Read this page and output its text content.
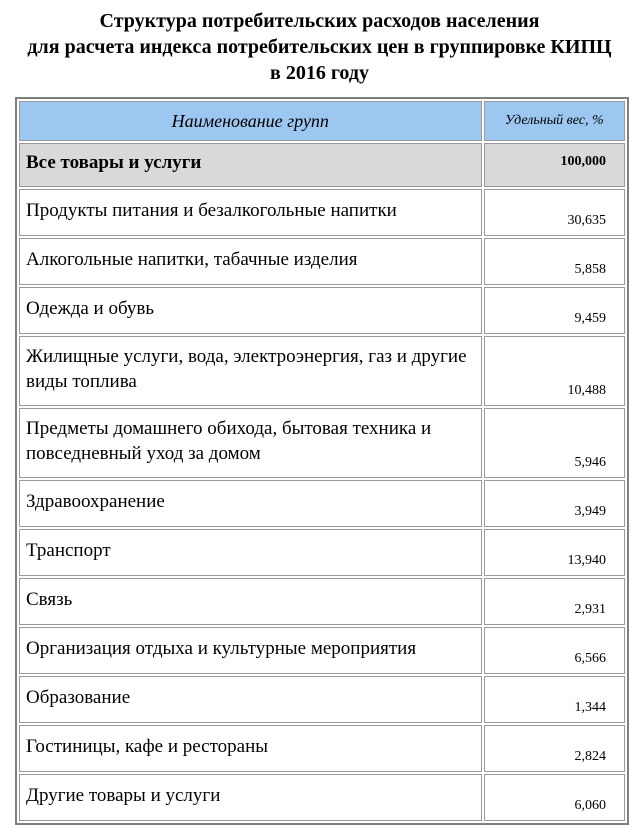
Структура потребительских расходов населения
для расчета индекса потребительских цен в группировке КИПЦ
в 2016 году
Наименование групп	Удельный вес, %
Все товары и услуги	100,000
Продукты питания и безалкогольные напитки	30,635
Алкогольные напитки, табачные изделия	5,858
Одежда и обувь	9,459
Жилищные услуги, вода, электроэнергия, газ и другие виды топлива	10,488
Предметы домашнего обихода, бытовая техника и повседневный уход за домом	5,946
Здравоохранение	3,949
Транспорт	13,940
Связь	2,931
Организация отдыха и культурные мероприятия	6,566
Образование	1,344
Гостиницы, кафе и рестораны	2,824
Другие товары и услуги	6,060
